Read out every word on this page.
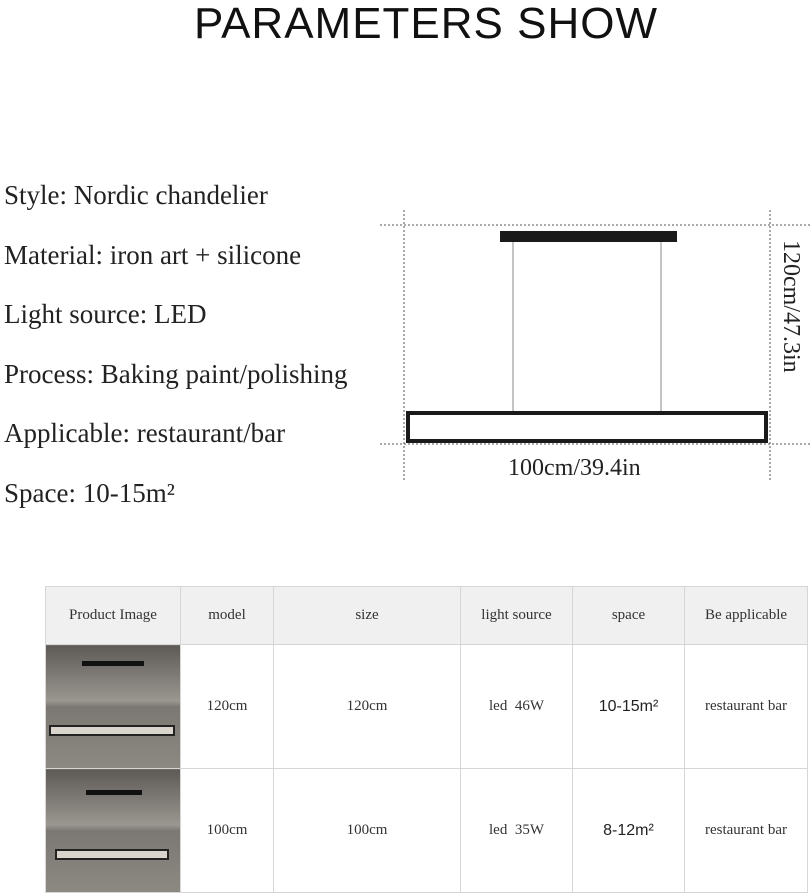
PARAMETERS SHOW
Style: Nordic chandelier
Material: iron art + silicone
Light source: LED
Process: Baking paint/polishing
Applicable: restaurant/bar
Space: 10-15m²
100cm/39.4in
120cm/47.3in
Product Image	model	size	light source	space	Be applicable

	120cm	120cm	led  46W	10-15m²	restaurant bar

	100cm	100cm	led  35W	8-12m²	restaurant bar
